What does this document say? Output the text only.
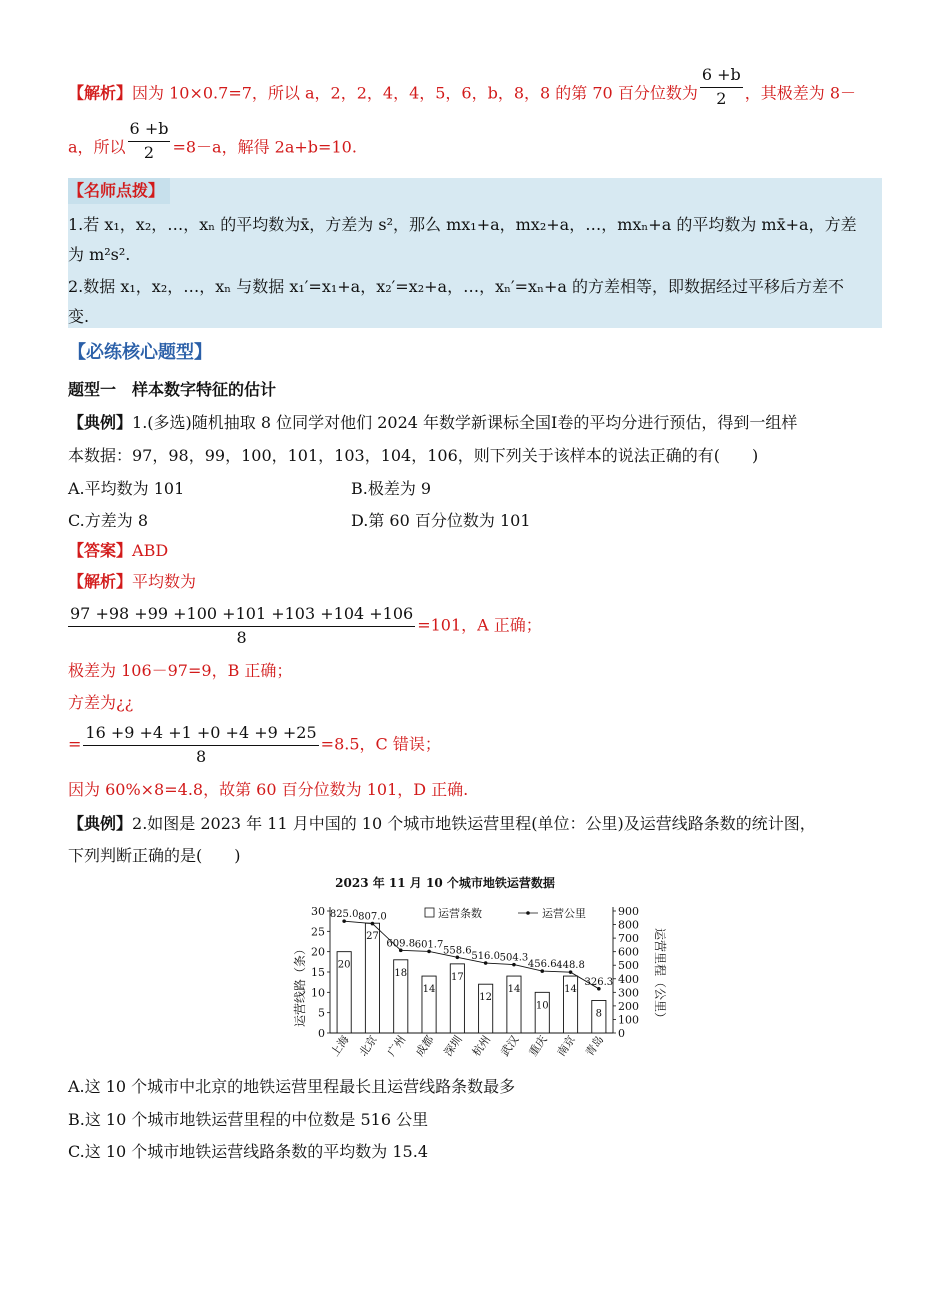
【解析】因为 10×0.7=7，所以 a，2，2，4，4，5，6，b，8，8 的第 70 百分位数为 $\frac{6 +b}{2}$ ，其极差为 8－
a，所以 $\frac{6 +b}{2} =8-a$，解得 2a+b=10.
【名师点拨】
1.若 x₁，x₂，…，xₙ 的平均数为x̄，方差为 s²，那么 mx₁+a，mx₂+a，…，mxₙ+a 的平均数为 mx̄+a，方差
为 m²s².
2.数据 x₁，x₂，…，xₙ 与数据 x₁′=x₁+a，x₂′=x₂+a，…，xₙ′=xₙ+a 的方差相等，即数据经过平移后方差不
变.
【必练核心题型】
题型一　样本数字特征的估计
【典例】1.(多选)随机抽取 8 位同学对他们 2024 年数学新课标全国Ⅰ卷的平均分进行预估，得到一组样
本数据：97，98，99，100，101，103，104，106，则下列关于该样本的说法正确的有(　　)
A.平均数为 101	B.极差为 9
C.方差为 8	D.第 60 百分位数为 101
【答案】ABD
【解析】平均数为
$\frac{97 +98 +99 +100 +101 +103 +104 +106}{8} =101$，A 正确；
极差为 106－97=9，B 正确；
方差为¿¿
= $\frac{16 +9 +4 +1 +0 +4 +9 +25}{8} =8.5$，C 错误；
因为 60%×8=4.8，故第 60 百分位数为 101，D 正确.
【典例】2.如图是 2023 年 11 月中国的 10 个城市地铁运营里程(单位：公里)及运营线路条数的统计图，
下列判断正确的是(　　)
A.这 10 个城市中北京的地铁运营里程最长且运营线路条数最多
B.这 10 个城市地铁运营里程的中位数是 516 公里
C.这 10 个城市地铁运营线路条数的平均数为 15.4
2023 年 11 月 10 个城市地铁运营数据
运营条数	运营公里
运营线路（条）	运营里程（公里）
0
5
10
15
20
25
30
0
100
200
300
400
500
600
700
800
900
20
27
18
14
17
12
14
10
14
8
825.0 807.0
609.8 601.7
558.6
516.0 504.3
456.6 448.8
326.3
上海 北京 广州 成都 深圳 杭州 武汉 重庆 南京 青岛
